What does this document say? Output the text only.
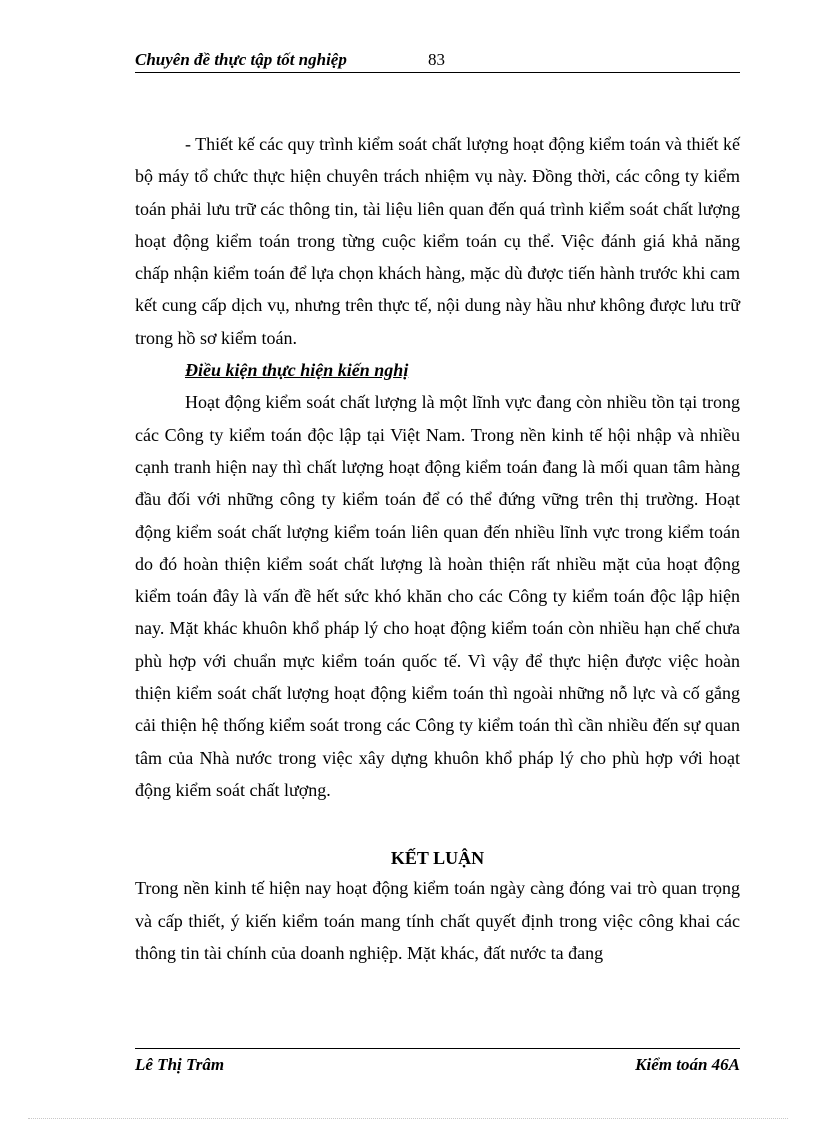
Chuyên đề thực tập tốt nghiệp	83

- Thiết kế các quy trình kiểm soát chất lượng hoạt động kiểm toán và thiết kế bộ máy tổ chức thực hiện chuyên trách nhiệm vụ này. Đồng thời, các công ty kiểm toán phải lưu trữ các thông tin, tài liệu liên quan đến quá trình kiểm soát chất lượng hoạt động kiểm toán trong từng cuộc kiểm toán cụ thể. Việc đánh giá khả năng chấp nhận kiểm toán để lựa chọn khách hàng, mặc dù được tiến hành trước khi cam kết cung cấp dịch vụ, nhưng trên thực tế, nội dung này hầu như không được lưu trữ trong hồ sơ kiểm toán.

Điều kiện thực hiện kiến nghị

Hoạt động kiểm soát chất lượng là một lĩnh vực đang còn nhiều tồn tại trong các Công ty kiểm toán độc lập tại Việt Nam. Trong nền kinh tế hội nhập và nhiều cạnh tranh hiện nay thì chất lượng hoạt động kiểm toán đang là mối quan tâm hàng đầu đối với những công ty kiểm toán để có thể đứng vững trên thị trường. Hoạt động kiểm soát chất lượng kiểm toán liên quan đến nhiều lĩnh vực trong kiểm toán do đó hoàn thiện kiểm soát chất lượng là hoàn thiện rất nhiều mặt của hoạt động kiểm toán đây là vấn đề hết sức khó khăn cho các Công ty kiểm toán độc lập hiện nay. Mặt khác khuôn khổ pháp lý cho hoạt động kiểm toán còn nhiều hạn chế chưa phù hợp với chuẩn mực kiểm toán quốc tế. Vì vậy để thực hiện được việc hoàn thiện kiểm soát chất lượng hoạt động kiểm toán thì ngoài những nỗ lực và cố gắng cải thiện hệ thống kiểm soát trong các Công ty kiểm toán thì cần nhiều đến sự quan tâm của Nhà nước trong việc xây dựng khuôn khổ pháp lý cho phù hợp với hoạt động kiểm soát chất lượng.

KẾT LUẬN

Trong nền kinh tế hiện nay hoạt động kiểm toán ngày càng đóng vai trò quan trọng và cấp thiết, ý kiến kiểm toán mang tính chất quyết định trong việc công khai các thông tin tài chính của doanh nghiệp. Mặt khác, đất nước ta đang

Lê Thị Trâm	Kiểm toán 46A
